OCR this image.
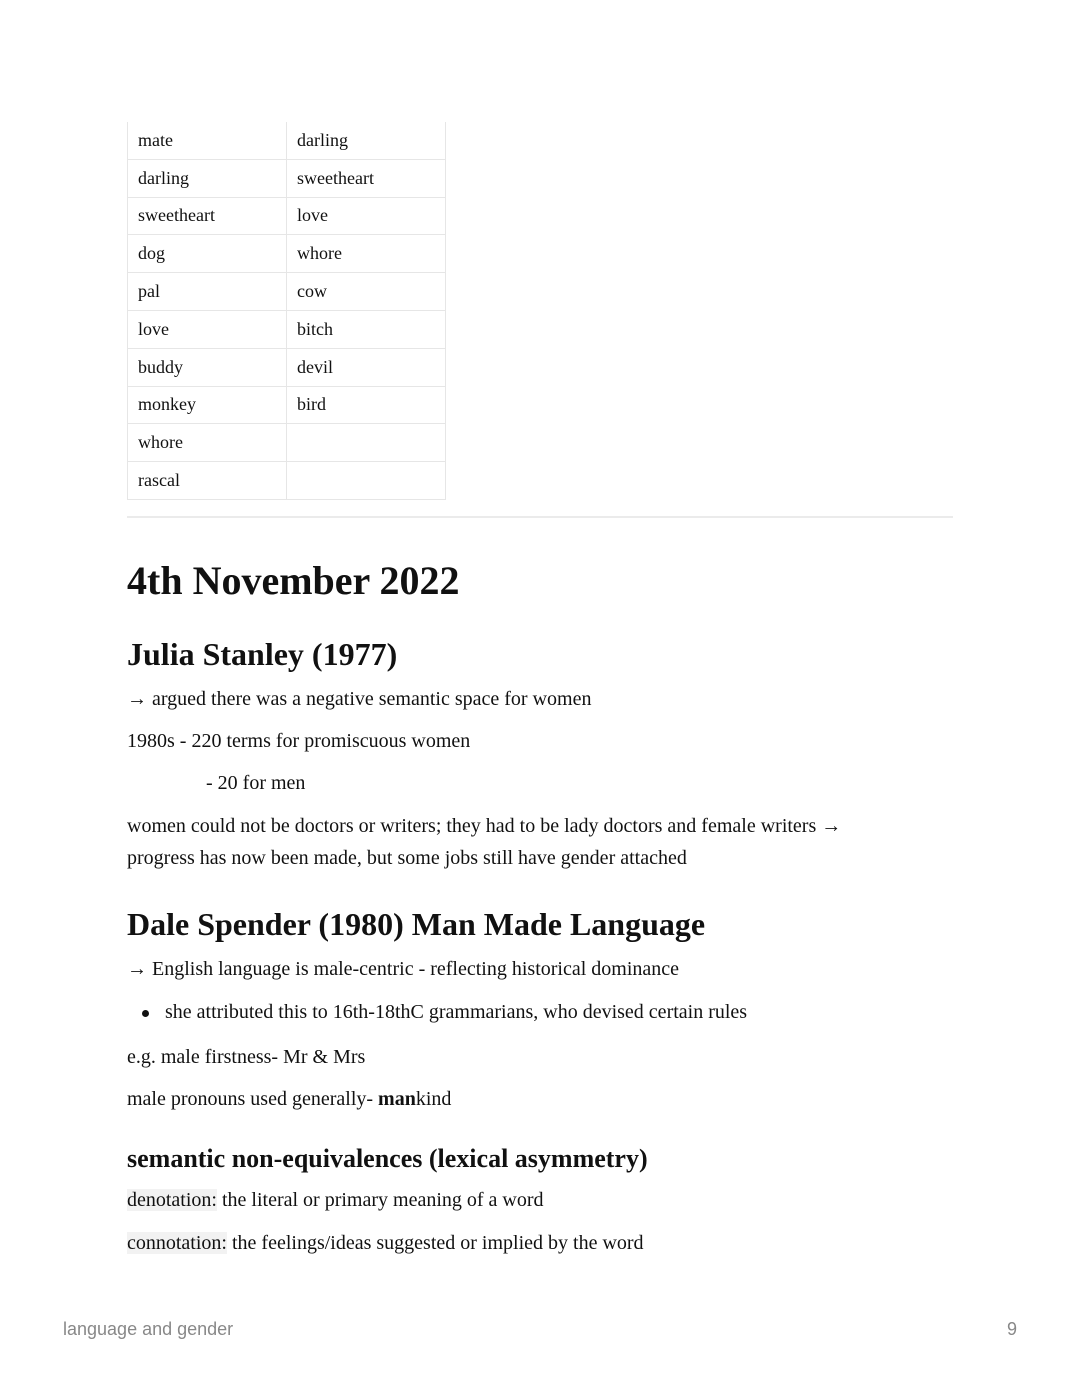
mate	darling
darling	sweetheart
sweetheart	love
dog	whore
pal	cow
love	bitch
buddy	devil
monkey	bird
whore	
rascal	
4th November 2022
Julia Stanley (1977)
→ argued there was a negative semantic space for women
1980s - 220 terms for promiscuous women
- 20 for men
women could not be doctors or writers; they had to be lady doctors and female writers →
progress has now been made, but some jobs still have gender attached
Dale Spender (1980) Man Made Language
→ English language is male-centric - reflecting historical dominance
she attributed this to 16th-18thC grammarians, who devised certain rules
e.g. male firstness- Mr & Mrs
male pronouns used generally- mankind
semantic non-equivalences (lexical asymmetry)
denotation: the literal or primary meaning of a word
connotation: the feelings/ideas suggested or implied by the word
language and gender	9
